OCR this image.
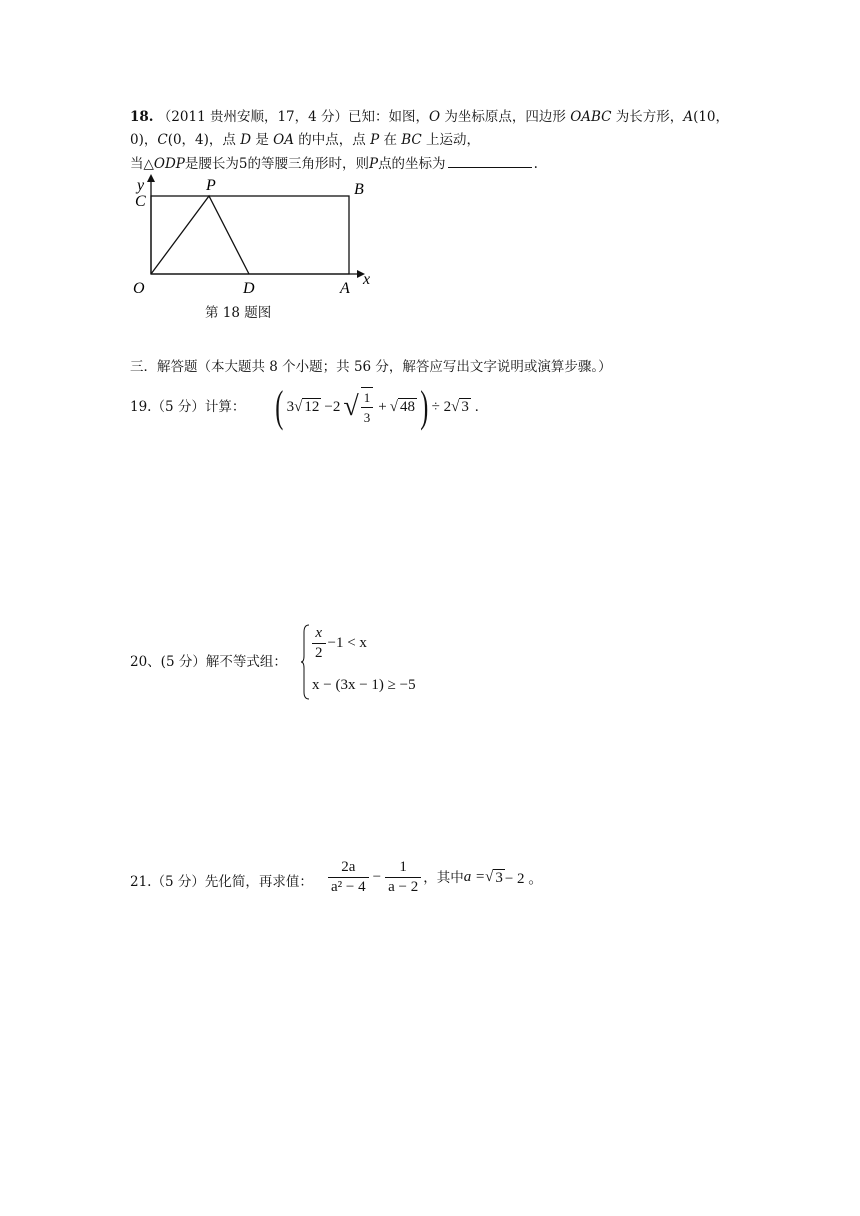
18. （2011 贵州安顺，17，4 分）已知：如图，O 为坐标原点，四边形 OABC 为长方形，A(10，
0)，C(0，4)，点 D 是 OA 的中点，点 P 在 BC 上运动，
当△ODP是腰长为5的等腰三角形时，则P点的坐标为	.
y
C
P	B
x
O	D	A
第 18 题图
三．解答题（本大题共 8 个小题；共 56 分，解答应写出文字说明或演算步骤。）
19.（5 分）计算： ( 3 √ 12 −2 √ $\frac{1}{3}$ + √ 48 ) ÷ 2 √ 3 .
20、(5 分）解不等式组： $\frac{x}{2} -1 < x$
x − (3x − 1) ≥ −5
21.（5 分）先化简，再求值： $\frac{2a}{\text{a² − 4}} - \frac{1}{a - 2}$ ，其中 a = √ 3 − 2 。
